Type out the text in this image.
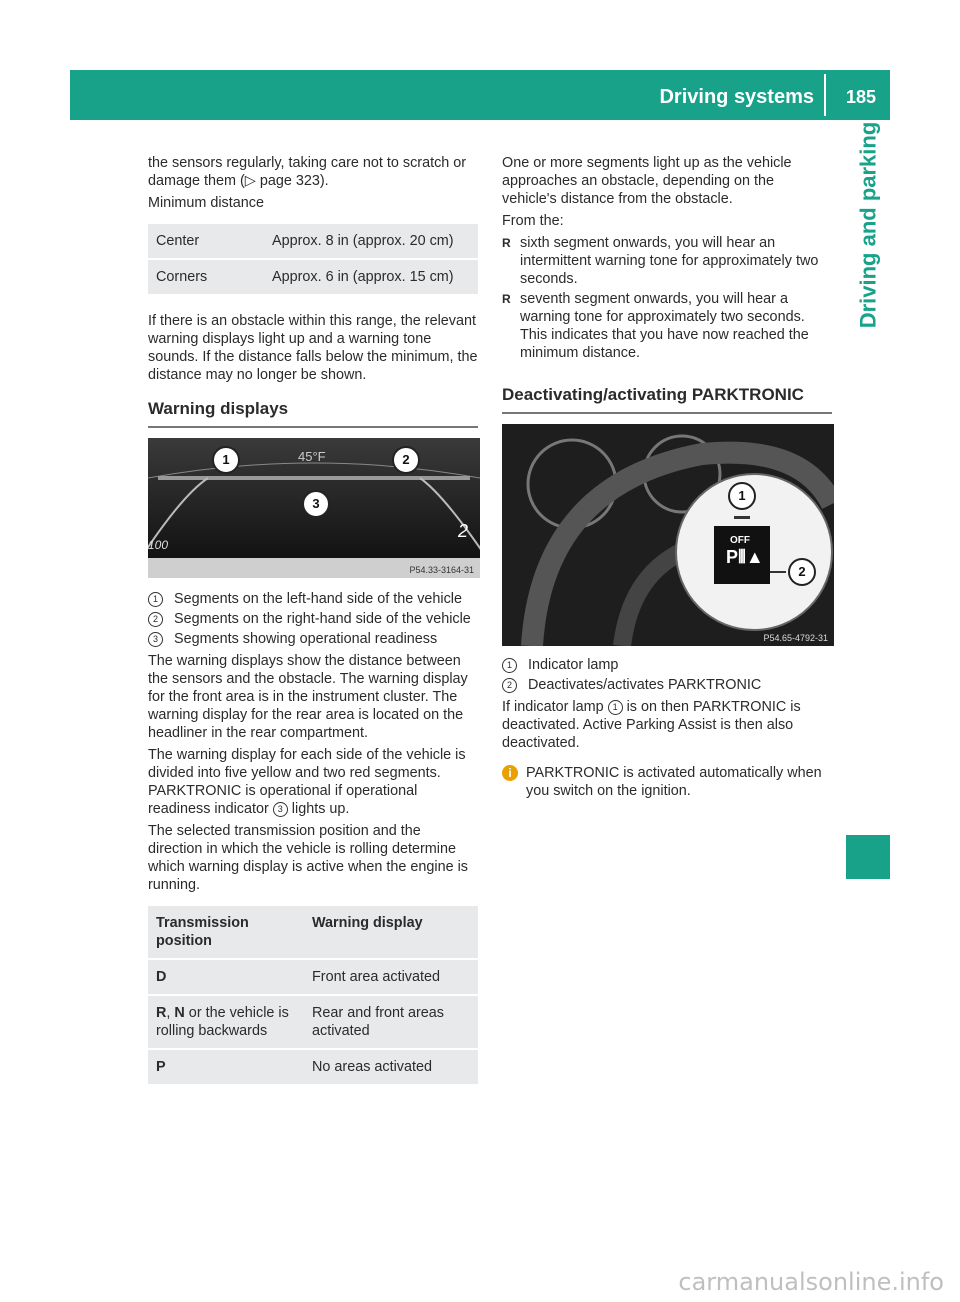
Driving systems 185
Driving and parking

the sensors regularly, taking care not to scratch or damage them (▷ page 323).

Minimum distance

Center	Approx. 8 in (approx. 20 cm)
Corners	Approx. 6 in (approx. 15 cm)

If there is an obstacle within this range, the relevant warning displays light up and a warning tone sounds. If the distance falls below the minimum, the distance may no longer be shown.

Warning displays
45°F
100
2
1	2
3
P54.33-3164-31
1	Segments on the left-hand side of the vehicle
2	Segments on the right-hand side of the vehicle
3	Segments showing operational readiness

The warning displays show the distance between the sensors and the obstacle. The warning display for the front area is in the instrument cluster. The warning display for the rear area is located on the headliner in the rear compartment.

The warning display for each side of the vehicle is divided into five yellow and two red segments. PARKTRONIC is operational if operational readiness indicator 3 lights up.

The selected transmission position and the direction in which the vehicle is rolling determine which warning display is active when the engine is running.

Transmission position	Warning display
D	Front area activated
R, N or the vehicle is rolling backwards	Rear and front areas activated
P	No areas activated

One or more segments light up as the vehicle approaches an obstacle, depending on the vehicle's distance from the obstacle.

From the:

R sixth segment onwards, you will hear an intermittent warning tone for approximately two seconds.
R seventh segment onwards, you will hear a warning tone for approximately two seconds. This indicates that you have now reached the minimum distance.
Deactivating/activating PARKTRONIC
OFF
P⦀▲
1
2
P54.65-4792-31
1	Indicator lamp
2	Deactivates/activates PARKTRONIC

If indicator lamp 1 is on then PARKTRONIC is deactivated. Active Parking Assist is then also deactivated.

i PARKTRONIC is activated automatically when you switch on the ignition.
carmanualsonline.info
